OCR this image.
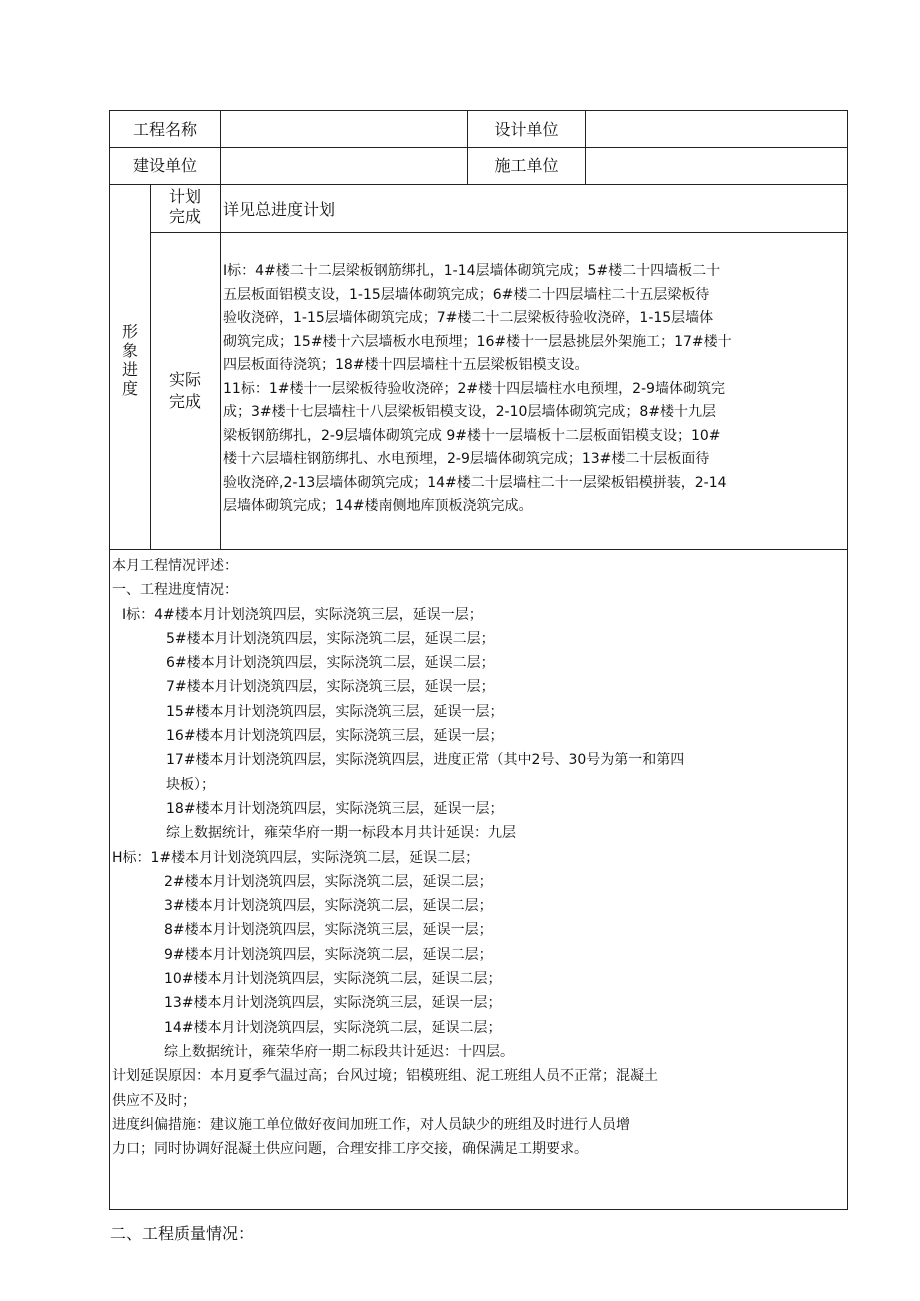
工程名称	设计单位
建设单位	施工单位
形象进度
计划完成 详见总进度计划
实际完成
I标：4#楼二十二层梁板钢筋绑扎，1-14层墙体砌筑完成；5#楼二十四墙板二十
五层板面铝模支设，1-15层墙体砌筑完成；6#楼二十四层墙柱二十五层梁板待
验收浇碎，1-15层墙体砌筑完成；7#楼二十二层梁板待验收浇碎，1-15层墙体
砌筑完成；15#楼十六层墙板水电预埋；16#楼十一层悬挑层外架施工；17#楼十
四层板面待浇筑；18#楼十四层墙柱十五层梁板铝模支设。
11标：1#楼十一层梁板待验收浇碎；2#楼十四层墙柱水电预埋，2-9墙体砌筑完
成；3#楼十七层墙柱十八层梁板铝模支设，2-10层墙体砌筑完成；8#楼十九层
梁板钢筋绑扎，2-9层墙体砌筑完成 9#楼十一层墙板十二层板面铝模支设；10#
楼十六层墙柱钢筋绑扎、水电预埋，2-9层墙体砌筑完成；13#楼二十层板面待
验收浇碎,2-13层墙体砌筑完成；14#楼二十层墙柱二十一层梁板铝模拼装，2-14
层墙体砌筑完成；14#楼南侧地库顶板浇筑完成。
本月工程情况评述：
一、工程进度情况：
I标：4#楼本月计划浇筑四层，实际浇筑三层，延误一层；
5#楼本月计划浇筑四层，实际浇筑二层，延误二层；
6#楼本月计划浇筑四层，实际浇筑二层，延误二层；
7#楼本月计划浇筑四层，实际浇筑三层，延误一层；
15#楼本月计划浇筑四层，实际浇筑三层，延误一层；
16#楼本月计划浇筑四层，实际浇筑三层，延误一层；
17#楼本月计划浇筑四层，实际浇筑四层，进度正常（其中2号、30号为第一和第四
块板）；
18#楼本月计划浇筑四层，实际浇筑三层，延误一层；
综上数据统计，雍荣华府一期一标段本月共计延误：九层
H标：1#楼本月计划浇筑四层，实际浇筑二层，延误二层；
2#楼本月计划浇筑四层，实际浇筑二层，延误二层；
3#楼本月计划浇筑四层，实际浇筑二层，延误二层；
8#楼本月计划浇筑四层，实际浇筑三层，延误一层；
9#楼本月计划浇筑四层，实际浇筑二层，延误二层；
10#楼本月计划浇筑四层，实际浇筑二层，延误二层；
13#楼本月计划浇筑四层，实际浇筑三层，延误一层；
14#楼本月计划浇筑四层，实际浇筑二层，延误二层；
综上数据统计，雍荣华府一期二标段共计延迟：十四层。
计划延误原因：本月夏季气温过高；台风过境；铝模班组、泥工班组人员不正常；混凝土
供应不及时；
进度纠偏措施：建议施工单位做好夜间加班工作，对人员缺少的班组及时进行人员增
力口；同时协调好混凝土供应问题，合理安排工序交接，确保满足工期要求。
二、工程质量情况：
